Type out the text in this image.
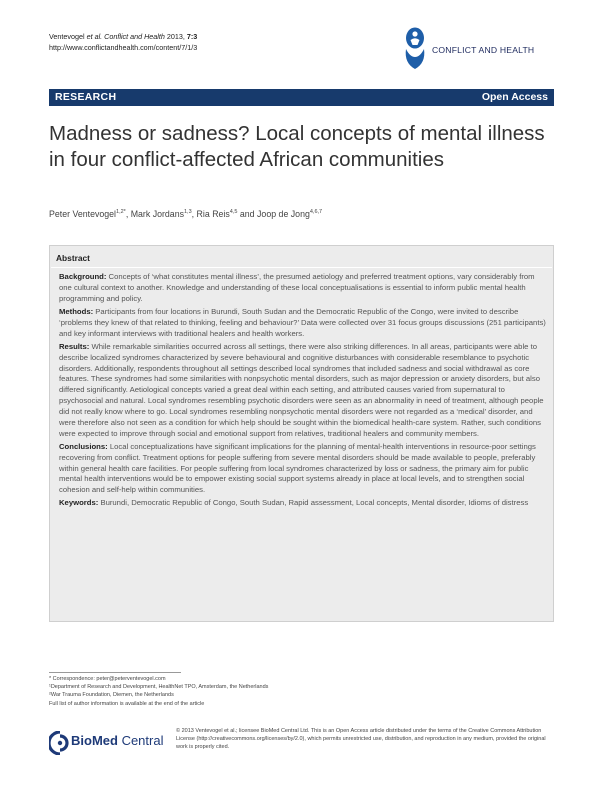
Ventevogel et al. Conflict and Health 2013, 7:3
http://www.conflictandhealth.com/content/7/1/3	CONFLICT AND HEALTH
RESEARCH	Open Access
Madness or sadness? Local concepts of mental illness in four conflict-affected African communities
Peter Ventevogel$^{1,2*}$, Mark Jordans$^{1,3}$, Ria Reis$^{4,5}$ and Joop de Jong$^{4,6,7}$
Abstract

Background: Concepts of ‘what constitutes mental illness’, the presumed aetiology and preferred treatment options, vary considerably from one cultural context to another. Knowledge and understanding of these local conceptualisations is essential to inform public mental health programming and policy.

Methods: Participants from four locations in Burundi, South Sudan and the Democratic Republic of the Congo, were invited to describe ‘problems they knew of that related to thinking, feeling and behaviour?’ Data were collected over 31 focus groups discussions (251 participants) and key informant interviews with traditional healers and health workers.

Results: While remarkable similarities occurred across all settings, there were also striking differences. In all areas, participants were able to describe localized syndromes characterized by severe behavioural and cognitive disturbances with considerable resemblance to psychotic disorders. Additionally, respondents throughout all settings described local syndromes that included sadness and social withdrawal as core features. These syndromes had some similarities with nonpsychotic mental disorders, such as major depression or anxiety disorders, but also differed significantly. Aetiological concepts varied a great deal within each setting, and attributed causes varied from supernatural to psychosocial and natural. Local syndromes resembling psychotic disorders were seen as an abnormality in need of treatment, although people did not really know where to go. Local syndromes resembling nonpsychotic mental disorders were not regarded as a ‘medical’ disorder, and were therefore also not seen as a condition for which help should be sought within the biomedical health-care system. Rather, such conditions were expected to improve through social and emotional support from relatives, traditional healers and community members.

Conclusions: Local conceptualizations have significant implications for the planning of mental-health interventions in resource-poor settings recovering from conflict. Treatment options for people suffering from severe mental disorders should be made available to people, preferably within general health care facilities. For people suffering from local syndromes characterized by loss or sadness, the primary aim for public mental health interventions would be to empower existing social support systems already in place at local levels, and to strengthen social cohesion and self-help within communities.

Keywords: Burundi, Democratic Republic of Congo, South Sudan, Rapid assessment, Local concepts, Mental disorder, Idioms of distress

* Correspondence: peter@peterventevogel.com
¹Department of Research and Development, HealthNet TPO, Amsterdam, the Netherlands
²War Trauma Foundation, Diemen, the Netherlands
Full list of author information is available at the end of the article
BioMed Central
© 2013 Ventevogel et al.; licensee BioMed Central Ltd. This is an Open Access article distributed under the terms of the Creative Commons Attribution License (http://creativecommons.org/licenses/by/2.0), which permits unrestricted use, distribution, and reproduction in any medium, provided the original work is properly cited.
